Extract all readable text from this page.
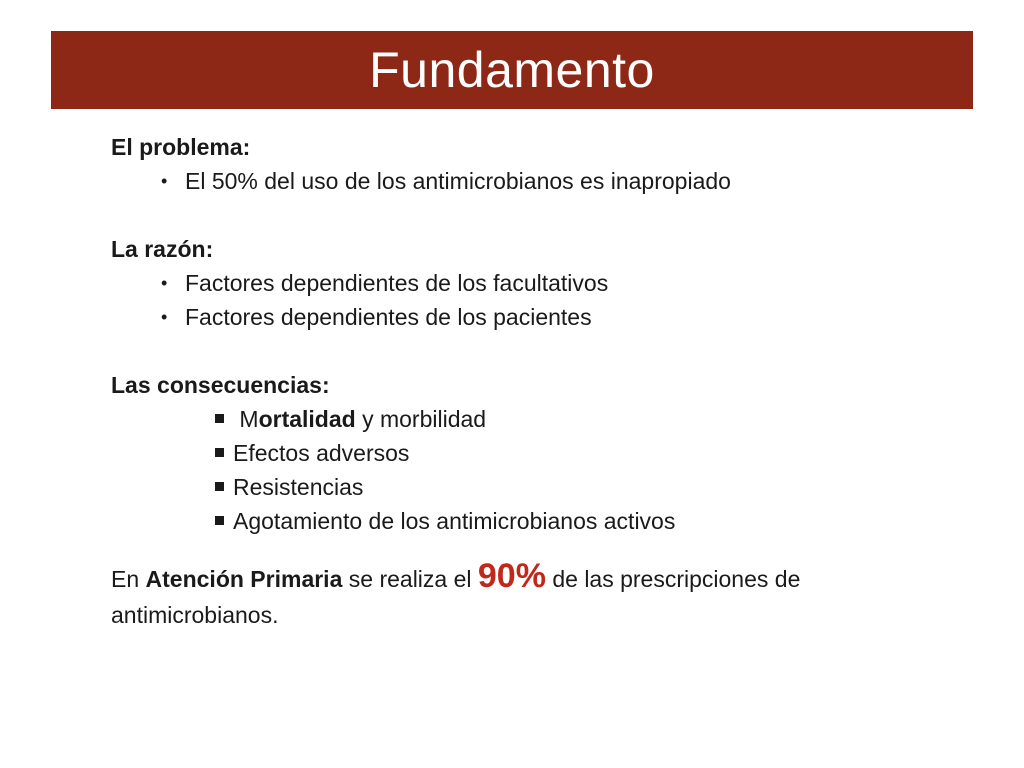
Fundamento
El problema:
• El 50% del uso de los antimicrobianos es inapropiado
La razón:
• Factores dependientes de los facultativos
• Factores dependientes de los pacientes
Las consecuencias:
Mortalidad y morbilidad
Efectos adversos
Resistencias
Agotamiento de los antimicrobianos activos
En Atención Primaria se realiza el 90% de las prescripciones de antimicrobianos.
